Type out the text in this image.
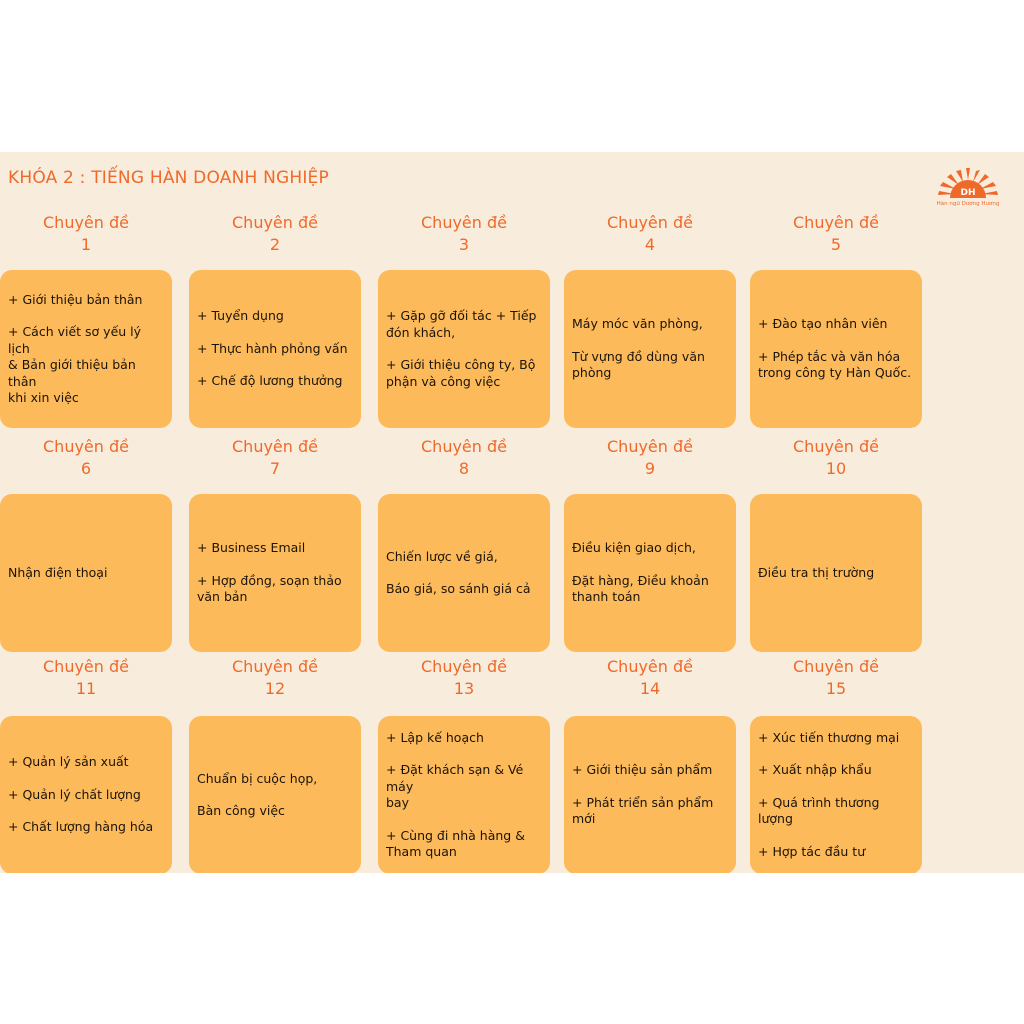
KHÓA 2 : TIẾNG HÀN DOANH NGHIỆP
DH
Hàn ngữ Dương Hương
Chuyên đề
1
+ Giới thiệu bản thân
+ Cách viết sơ yếu lý lịch
& Bản giới thiệu bản thân
khi xin việc
Chuyên đề
2
+ Tuyển dụng
+ Thực hành phỏng vấn
+ Chế độ lương thưởng
Chuyên đề
3
+ Gặp gỡ đối tác + Tiếp
đón khách,
+ Giới thiệu công ty, Bộ
phận và công việc
Chuyên đề
4
Máy móc văn phòng,
Từ vựng đồ dùng văn
phòng
Chuyên đề
5
+ Đào tạo nhân viên
+ Phép tắc và văn hóa
trong công ty Hàn Quốc.
Chuyên đề
6
Nhận điện thoại
Chuyên đề
7
+ Business Email
+ Hợp đồng, soạn thảo
văn bản
Chuyên đề
8
Chiến lược về giá,
Báo giá, so sánh giá cả
Chuyên đề
9
Điều kiện giao dịch,
Đặt hàng, Điều khoản
thanh toán
Chuyên đề
10
Điều tra thị trường
Chuyên đề
11
+ Quản lý sản xuất
+ Quản lý chất lượng
+ Chất lượng hàng hóa
Chuyên đề
12
Chuẩn bị cuộc họp,
Bàn công việc
Chuyên đề
13
+ Lập kế hoạch
+ Đặt khách sạn & Vé máy
bay
+ Cùng đi nhà hàng &
Tham quan
Chuyên đề
14
+ Giới thiệu sản phẩm
+ Phát triển sản phẩm mới
Chuyên đề
15
+ Xúc tiến thương mại
+ Xuất nhập khẩu
+ Quá trình thương lượng
+ Hợp tác đầu tư
